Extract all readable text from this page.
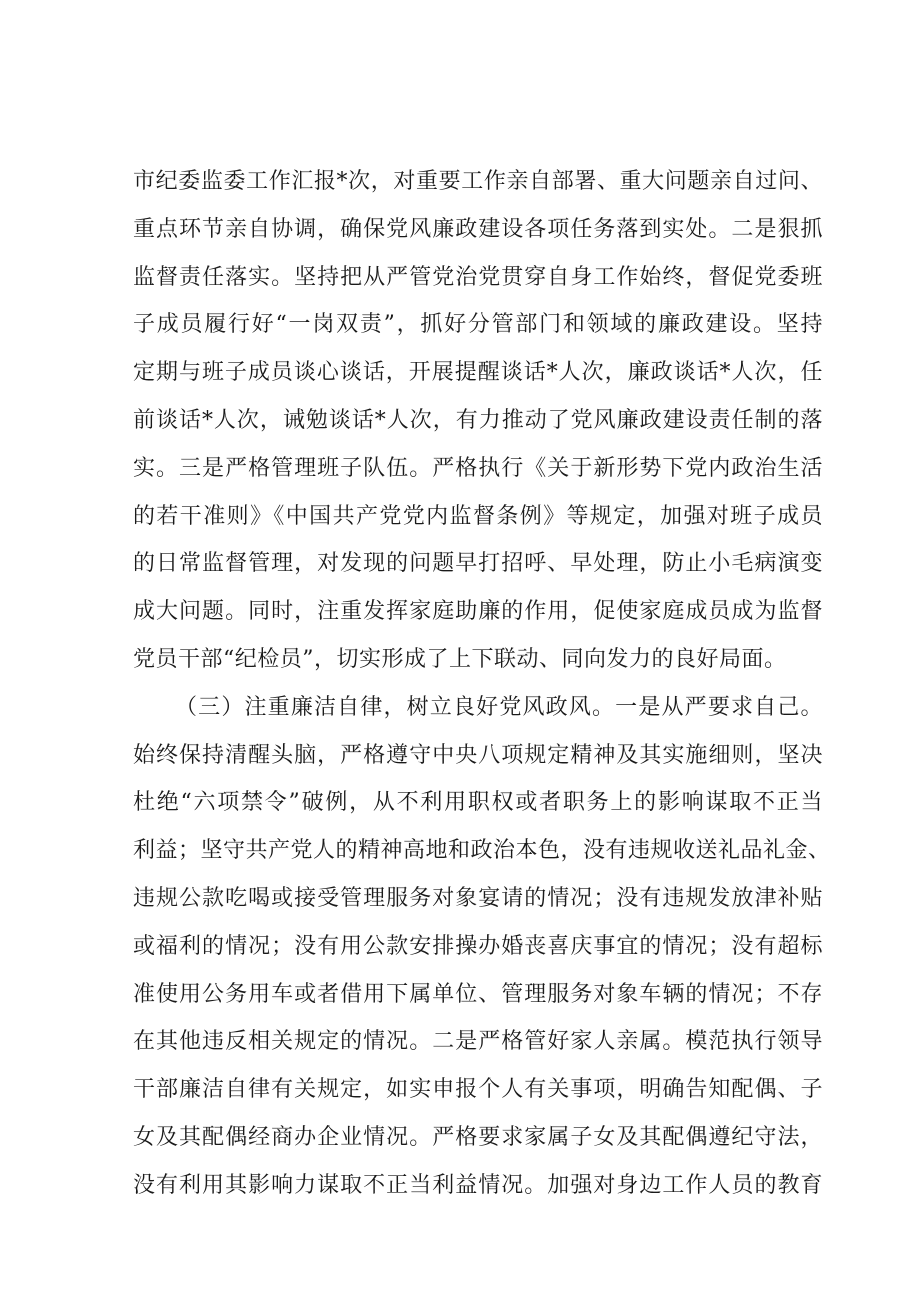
市纪委监委工作汇报*次，对重要工作亲自部署、重大问题亲自过问、
重点环节亲自协调，确保党风廉政建设各项任务落到实处。二是狠抓
监督责任落实。坚持把从严管党治党贯穿自身工作始终，督促党委班
子成员履行好“一岗双责”，抓好分管部门和领域的廉政建设。坚持
定期与班子成员谈心谈话，开展提醒谈话*人次，廉政谈话*人次，任
前谈话*人次，诫勉谈话*人次，有力推动了党风廉政建设责任制的落
实。三是严格管理班子队伍。严格执行《关于新形势下党内政治生活
的若干准则》《中国共产党党内监督条例》等规定，加强对班子成员
的日常监督管理，对发现的问题早打招呼、早处理，防止小毛病演变
成大问题。同时，注重发挥家庭助廉的作用，促使家庭成员成为监督
党员干部“纪检员”，切实形成了上下联动、同向发力的良好局面。
（三）注重廉洁自律，树立良好党风政风。一是从严要求自己。
始终保持清醒头脑，严格遵守中央八项规定精神及其实施细则，坚决
杜绝“六项禁令”破例，从不利用职权或者职务上的影响谋取不正当
利益；坚守共产党人的精神高地和政治本色，没有违规收送礼品礼金、
违规公款吃喝或接受管理服务对象宴请的情况；没有违规发放津补贴
或福利的情况；没有用公款安排操办婚丧喜庆事宜的情况；没有超标
准使用公务用车或者借用下属单位、管理服务对象车辆的情况；不存
在其他违反相关规定的情况。二是严格管好家人亲属。模范执行领导
干部廉洁自律有关规定，如实申报个人有关事项，明确告知配偶、子
女及其配偶经商办企业情况。严格要求家属子女及其配偶遵纪守法，
没有利用其影响力谋取不正当利益情况。加强对身边工作人员的教育
